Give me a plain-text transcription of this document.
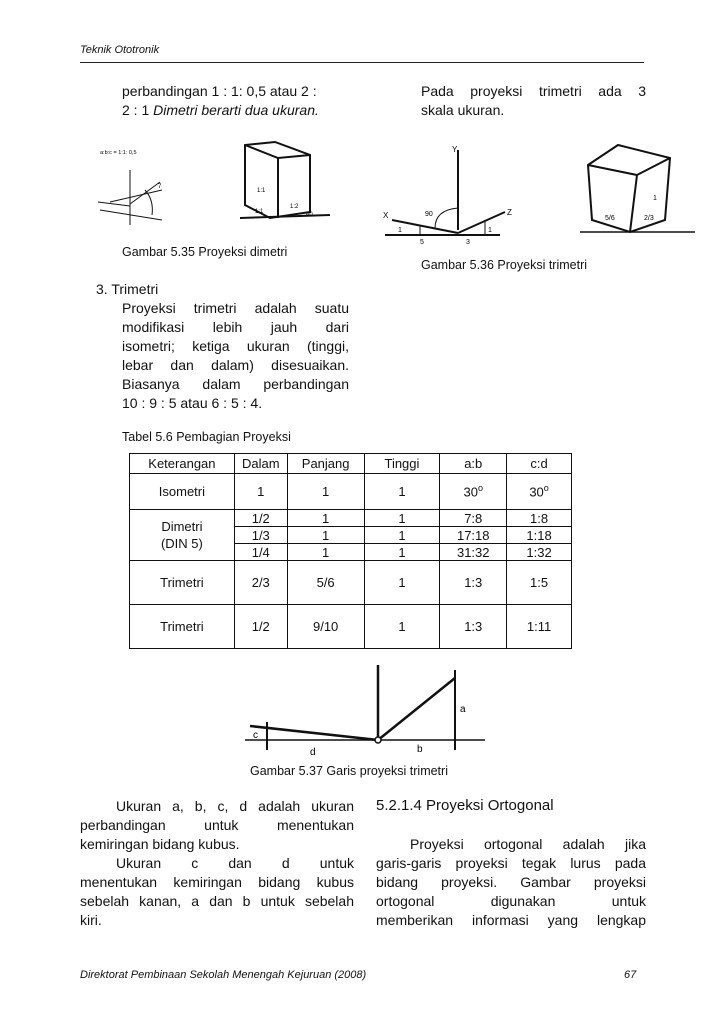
Teknik Ototronik
perbandingan 1 : 1: 0,5 atau 2 :
2 : 1 Dimetri berarti dua ukuran.
Pada proyeksi trimetri ada 3
skala ukuran.
a:b:c = 1:1: 0,5
7
1:1
1:2
1:1	40
Gambar 5.35 Proyeksi dimetri
Y
X	Z
90
1
5	3
1
1
5/6	2/3
Gambar 5.36 Proyeksi trimetri
3. Trimetri
Proyeksi trimetri adalah suatu
modifikasi lebih jauh dari
isometri; ketiga ukuran (tinggi,
lebar dan dalam) disesuaikan.
Biasanya dalam perbandingan
10 : 9 : 5 atau 6 : 5 : 4.
Tabel 5.6 Pembagian Proyeksi
Keterangan	Dalam	Panjang	Tinggi	a:b	c:d
Isometri	1	1	1	30$^o$	30$^o$

Dimetri
(DIN 5)	1/2	1	1	7:8	1:8
	1/3	1	1	17:18	1:18
	1/4	1	1	31:32	1:32
Trimetri	2/3	5/6	1	1:3	1:5
Trimetri	1/2	9/10	1	1:3	1:11
a
b
c
d
Gambar 5.37 Garis proyeksi trimetri
Ukuran a, b, c, d adalah ukuran
perbandingan untuk menentukan
kemiringan bidang kubus.
Ukuran c dan d untuk
menentukan kemiringan bidang kubus
sebelah kanan, a dan b untuk sebelah
kiri.
5.2.1.4 Proyeksi Ortogonal
Proyeksi ortogonal adalah jika
garis-garis proyeksi tegak lurus pada
bidang proyeksi. Gambar proyeksi
ortogonal digunakan untuk
memberikan informasi yang lengkap
Direktorat Pembinaan Sekolah Menengah Kejuruan (2008)	67
